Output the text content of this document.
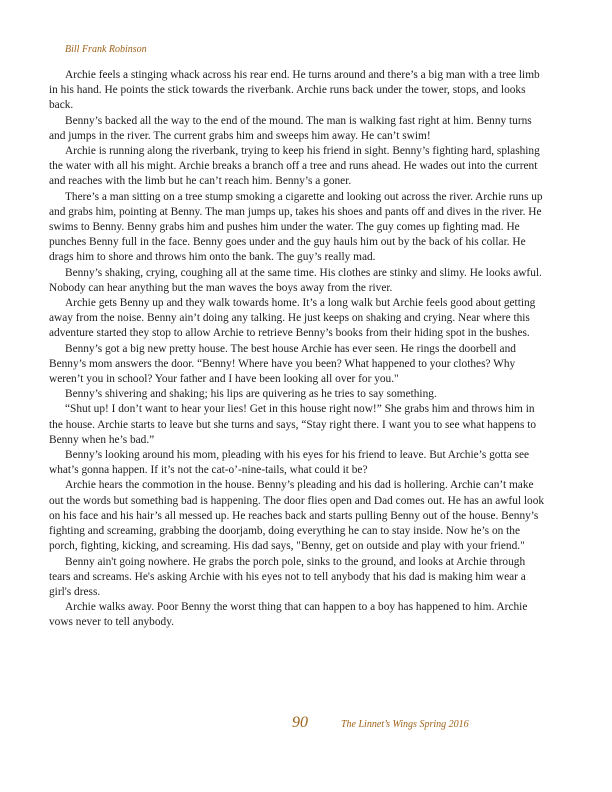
Bill Frank Robinson

Archie feels a stinging whack across his rear end. He turns around and there’s a big man with a tree limb in his hand. He points the stick towards the riverbank. Archie runs back under the tower, stops, and looks back.

Benny’s backed all the way to the end of the mound. The man is walking fast right at him. Benny turns and jumps in the river. The current grabs him and sweeps him away. He can’t swim!

Archie is running along the riverbank, trying to keep his friend in sight. Benny’s fighting hard, splashing the water with all his might. Archie breaks a branch off a tree and runs ahead. He wades out into the current and reaches with the limb but he can’t reach him. Benny’s a goner.

There’s a man sitting on a tree stump smoking a cigarette and looking out across the river. Archie runs up and grabs him, pointing at Benny. The man jumps up, takes his shoes and pants off and dives in the river. He swims to Benny. Benny grabs him and pushes him under the water. The guy comes up fighting mad. He punches Benny full in the face. Benny goes under and the guy hauls him out by the back of his collar. He drags him to shore and throws him onto the bank. The guy’s really mad.

Benny’s shaking, crying, coughing all at the same time. His clothes are stinky and slimy. He looks awful. Nobody can hear anything but the man waves the boys away from the river.

Archie gets Benny up and they walk towards home. It’s a long walk but Archie feels good about getting away from the noise. Benny ain’t doing any talking. He just keeps on shaking and crying. Near where this adventure started they stop to allow Archie to retrieve Benny’s books from their hiding spot in the bushes.

Benny’s got a big new pretty house. The best house Archie has ever seen. He rings the doorbell and Benny’s mom answers the door. “Benny! Where have you been? What happened to your clothes? Why weren’t you in school? Your father and I have been looking all over for you."

Benny’s shivering and shaking; his lips are quivering as he tries to say something.

“Shut up! I don’t want to hear your lies! Get in this house right now!” She grabs him and throws him in the house. Archie starts to leave but she turns and says, “Stay right there. I want you to see what happens to Benny when he’s bad.”

Benny’s looking around his mom, pleading with his eyes for his friend to leave. But Archie’s gotta see what’s gonna happen. If it’s not the cat-o’-nine-tails, what could it be?

Archie hears the commotion in the house. Benny’s pleading and his dad is hollering. Archie can’t make out the words but something bad is happening. The door flies open and Dad comes out. He has an awful look on his face and his hair’s all messed up. He reaches back and starts pulling Benny out of the house. Benny’s fighting and screaming, grabbing the doorjamb, doing everything he can to stay inside. Now he’s on the porch, fighting, kicking, and screaming. His dad says, "Benny, get on outside and play with your friend."

Benny ain't going nowhere. He grabs the porch pole, sinks to the ground, and looks at Archie through tears and screams. He's asking Archie with his eyes not to tell anybody that his dad is making him wear a girl's dress.

Archie walks away. Poor Benny the worst thing that can happen to a boy has happened to him. Archie vows never to tell anybody.

90	The Linnet’s Wings Spring 2016
